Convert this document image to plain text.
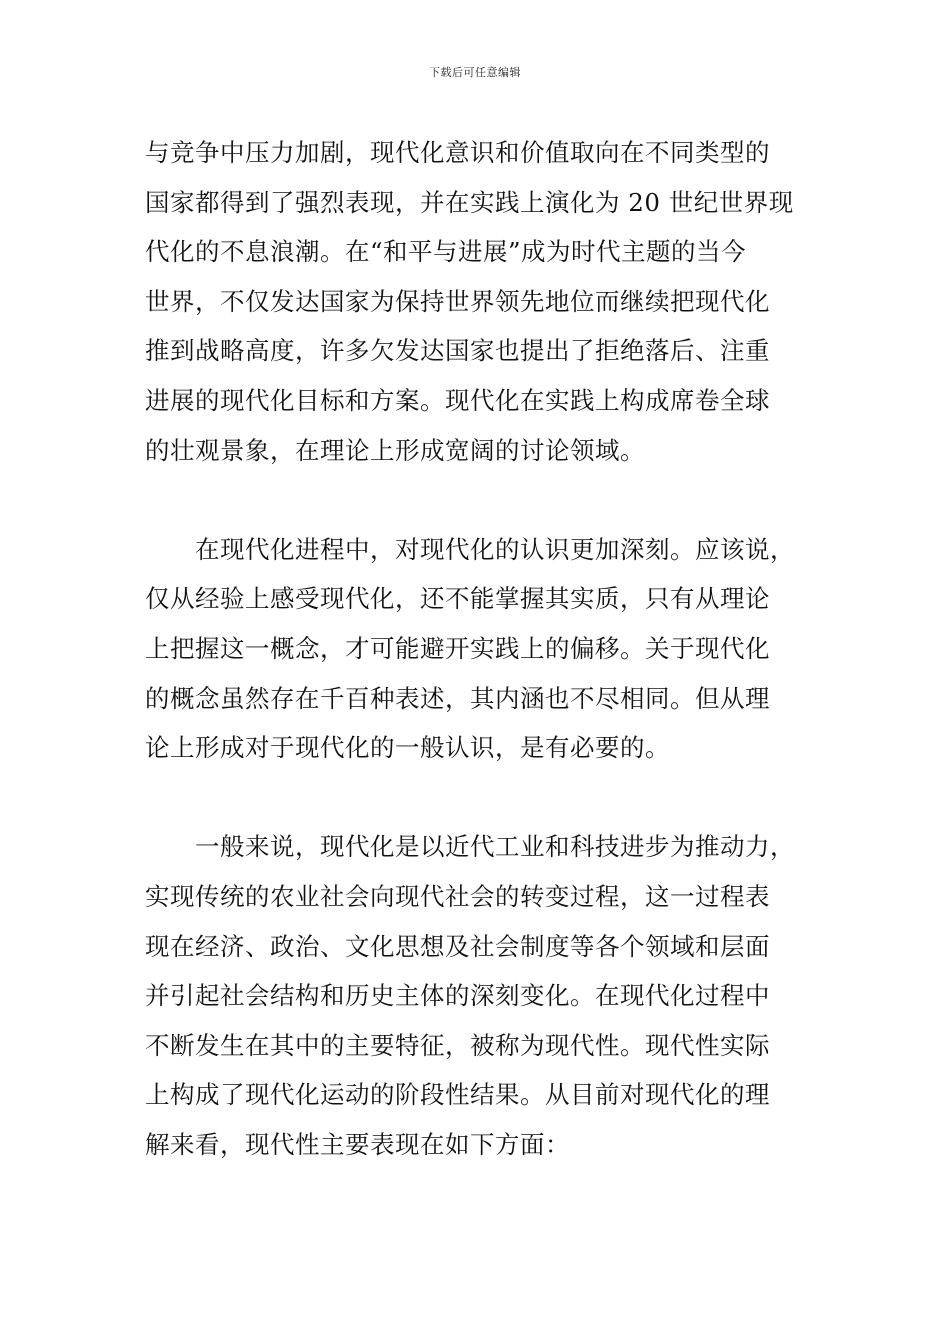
下载后可任意编辑

与竞争中压力加剧，现代化意识和价值取向在不同类型的
国家都得到了强烈表现，并在实践上演化为 20 世纪世界现
代化的不息浪潮。在“和平与进展”成为时代主题的当今
世界，不仅发达国家为保持世界领先地位而继续把现代化
推到战略高度，许多欠发达国家也提出了拒绝落后、注重
进展的现代化目标和方案。现代化在实践上构成席卷全球
的壮观景象，在理论上形成宽阔的讨论领域。

在现代化进程中，对现代化的认识更加深刻。应该说，
仅从经验上感受现代化，还不能掌握其实质，只有从理论
上把握这一概念，才可能避开实践上的偏移。关于现代化
的概念虽然存在千百种表述，其内涵也不尽相同。但从理
论上形成对于现代化的一般认识，是有必要的。

一般来说，现代化是以近代工业和科技进步为推动力，
实现传统的农业社会向现代社会的转变过程，这一过程表
现在经济、政治、文化思想及社会制度等各个领域和层面
并引起社会结构和历史主体的深刻变化。在现代化过程中
不断发生在其中的主要特征，被称为现代性。现代性实际
上构成了现代化运动的阶段性结果。从目前对现代化的理
解来看，现代性主要表现在如下方面：
